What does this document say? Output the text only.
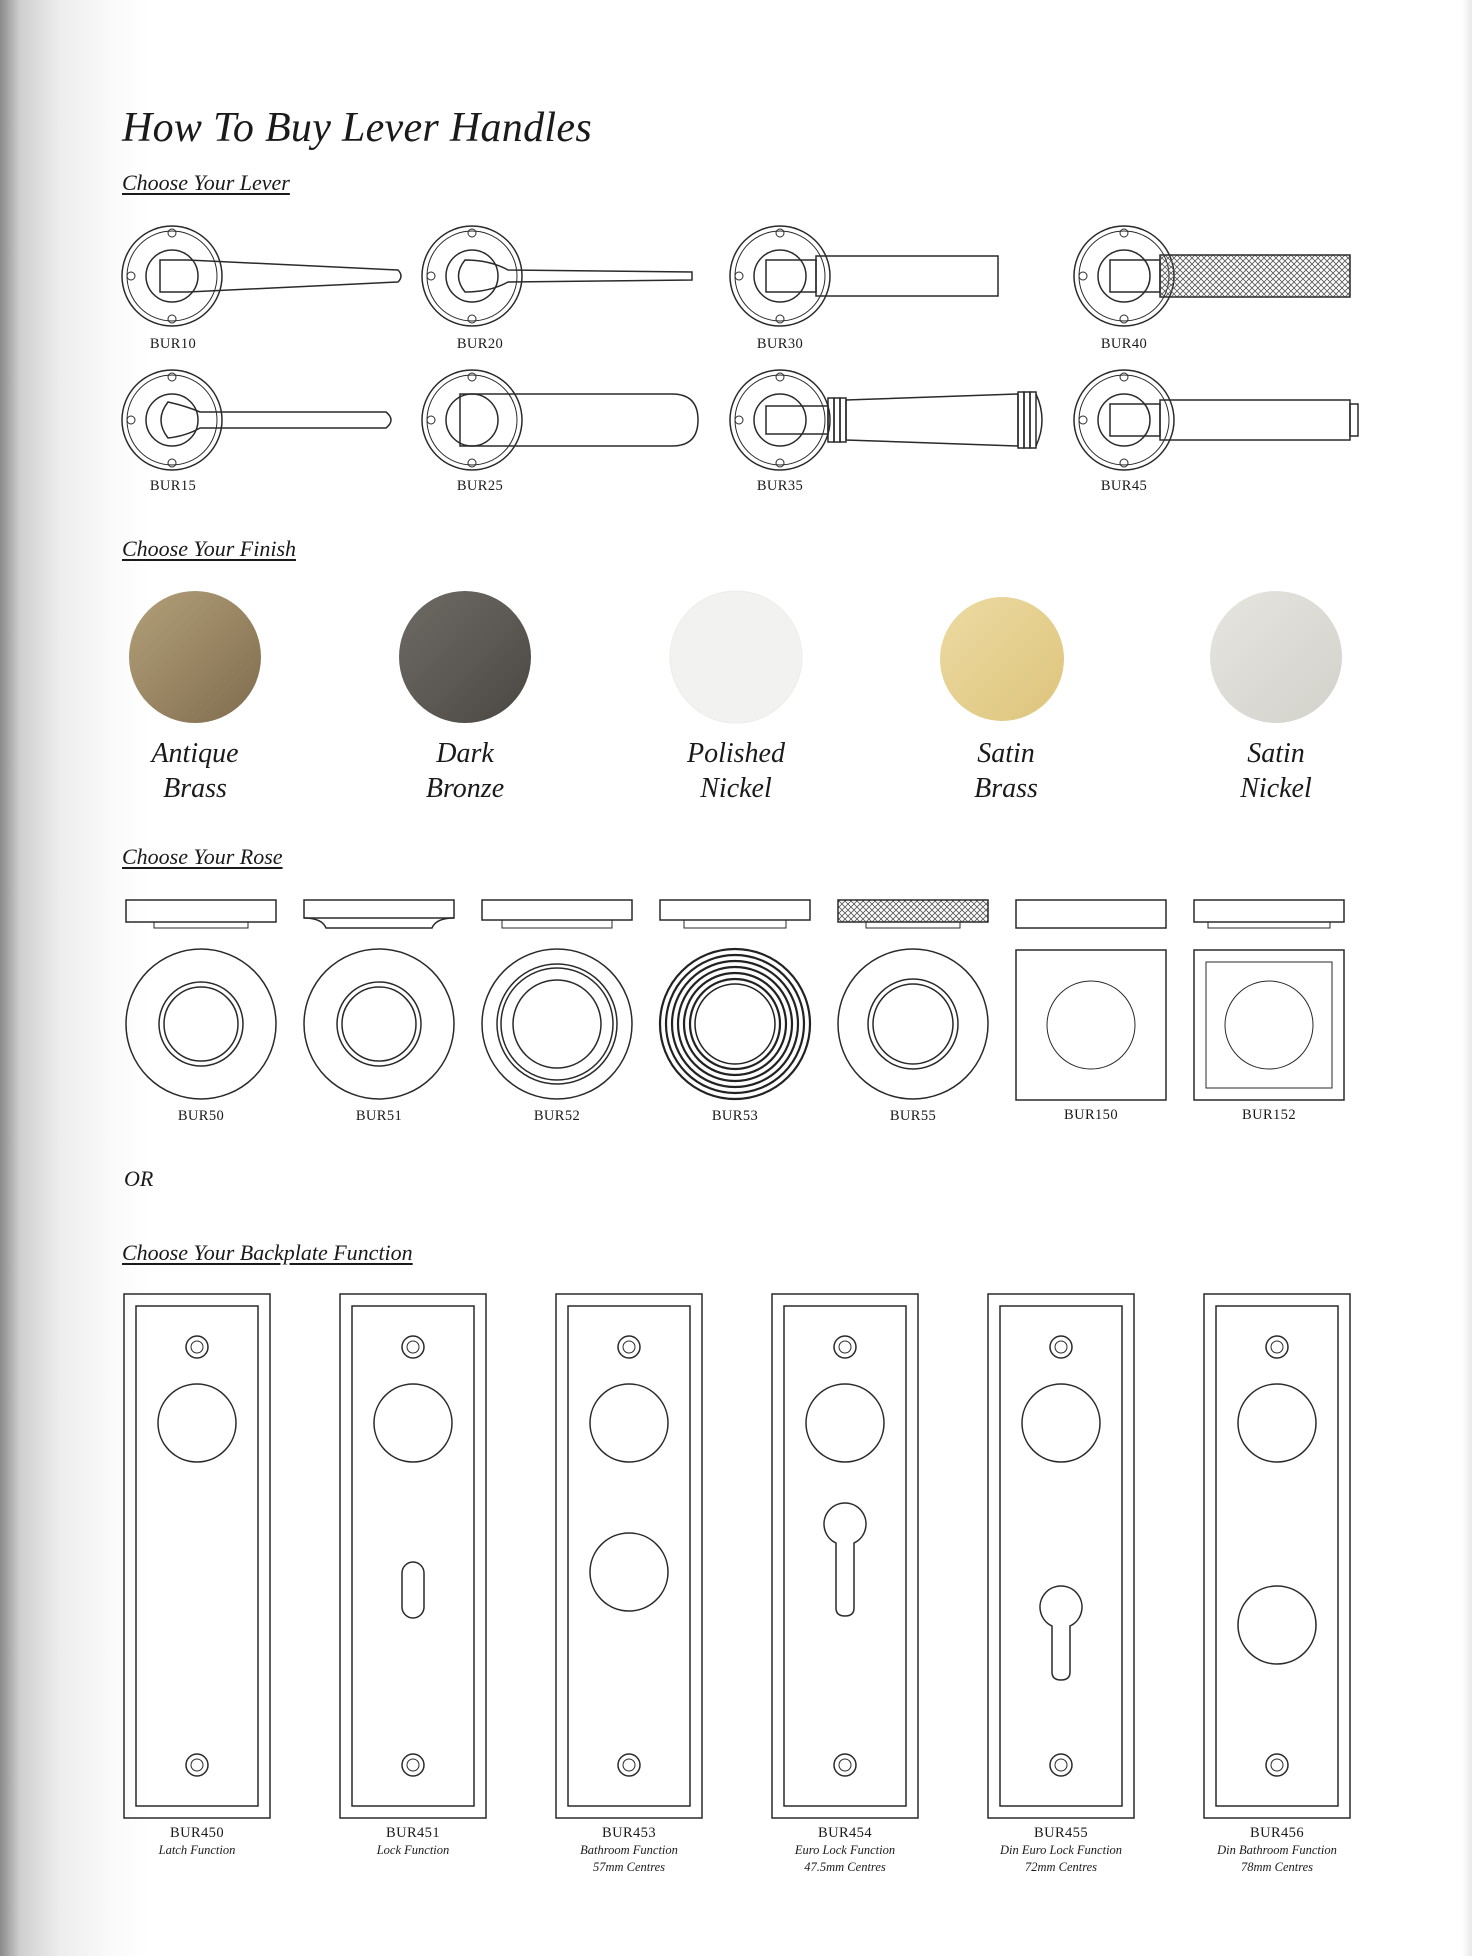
How To Buy Lever Handles
Choose Your Lever
BUR10	BUR20	BUR30	BUR40
BUR15	BUR25	BUR35	BUR45
Choose Your Finish
Antique
Brass
Dark
Bronze
Polished
Nickel
Satin
Brass
Satin
Nickel
Choose Your Rose
BUR50	BUR51	BUR52	BUR53	BUR55	BUR150	BUR152
OR
Choose Your Backplate Function
BUR450
Latch Function
BUR451
Lock Function
BUR453
Bathroom Function
57mm Centres
BUR454
Euro Lock Function
47.5mm Centres
BUR455
Din Euro Lock Function
72mm Centres
BUR456
Din Bathroom Function
78mm Centres
